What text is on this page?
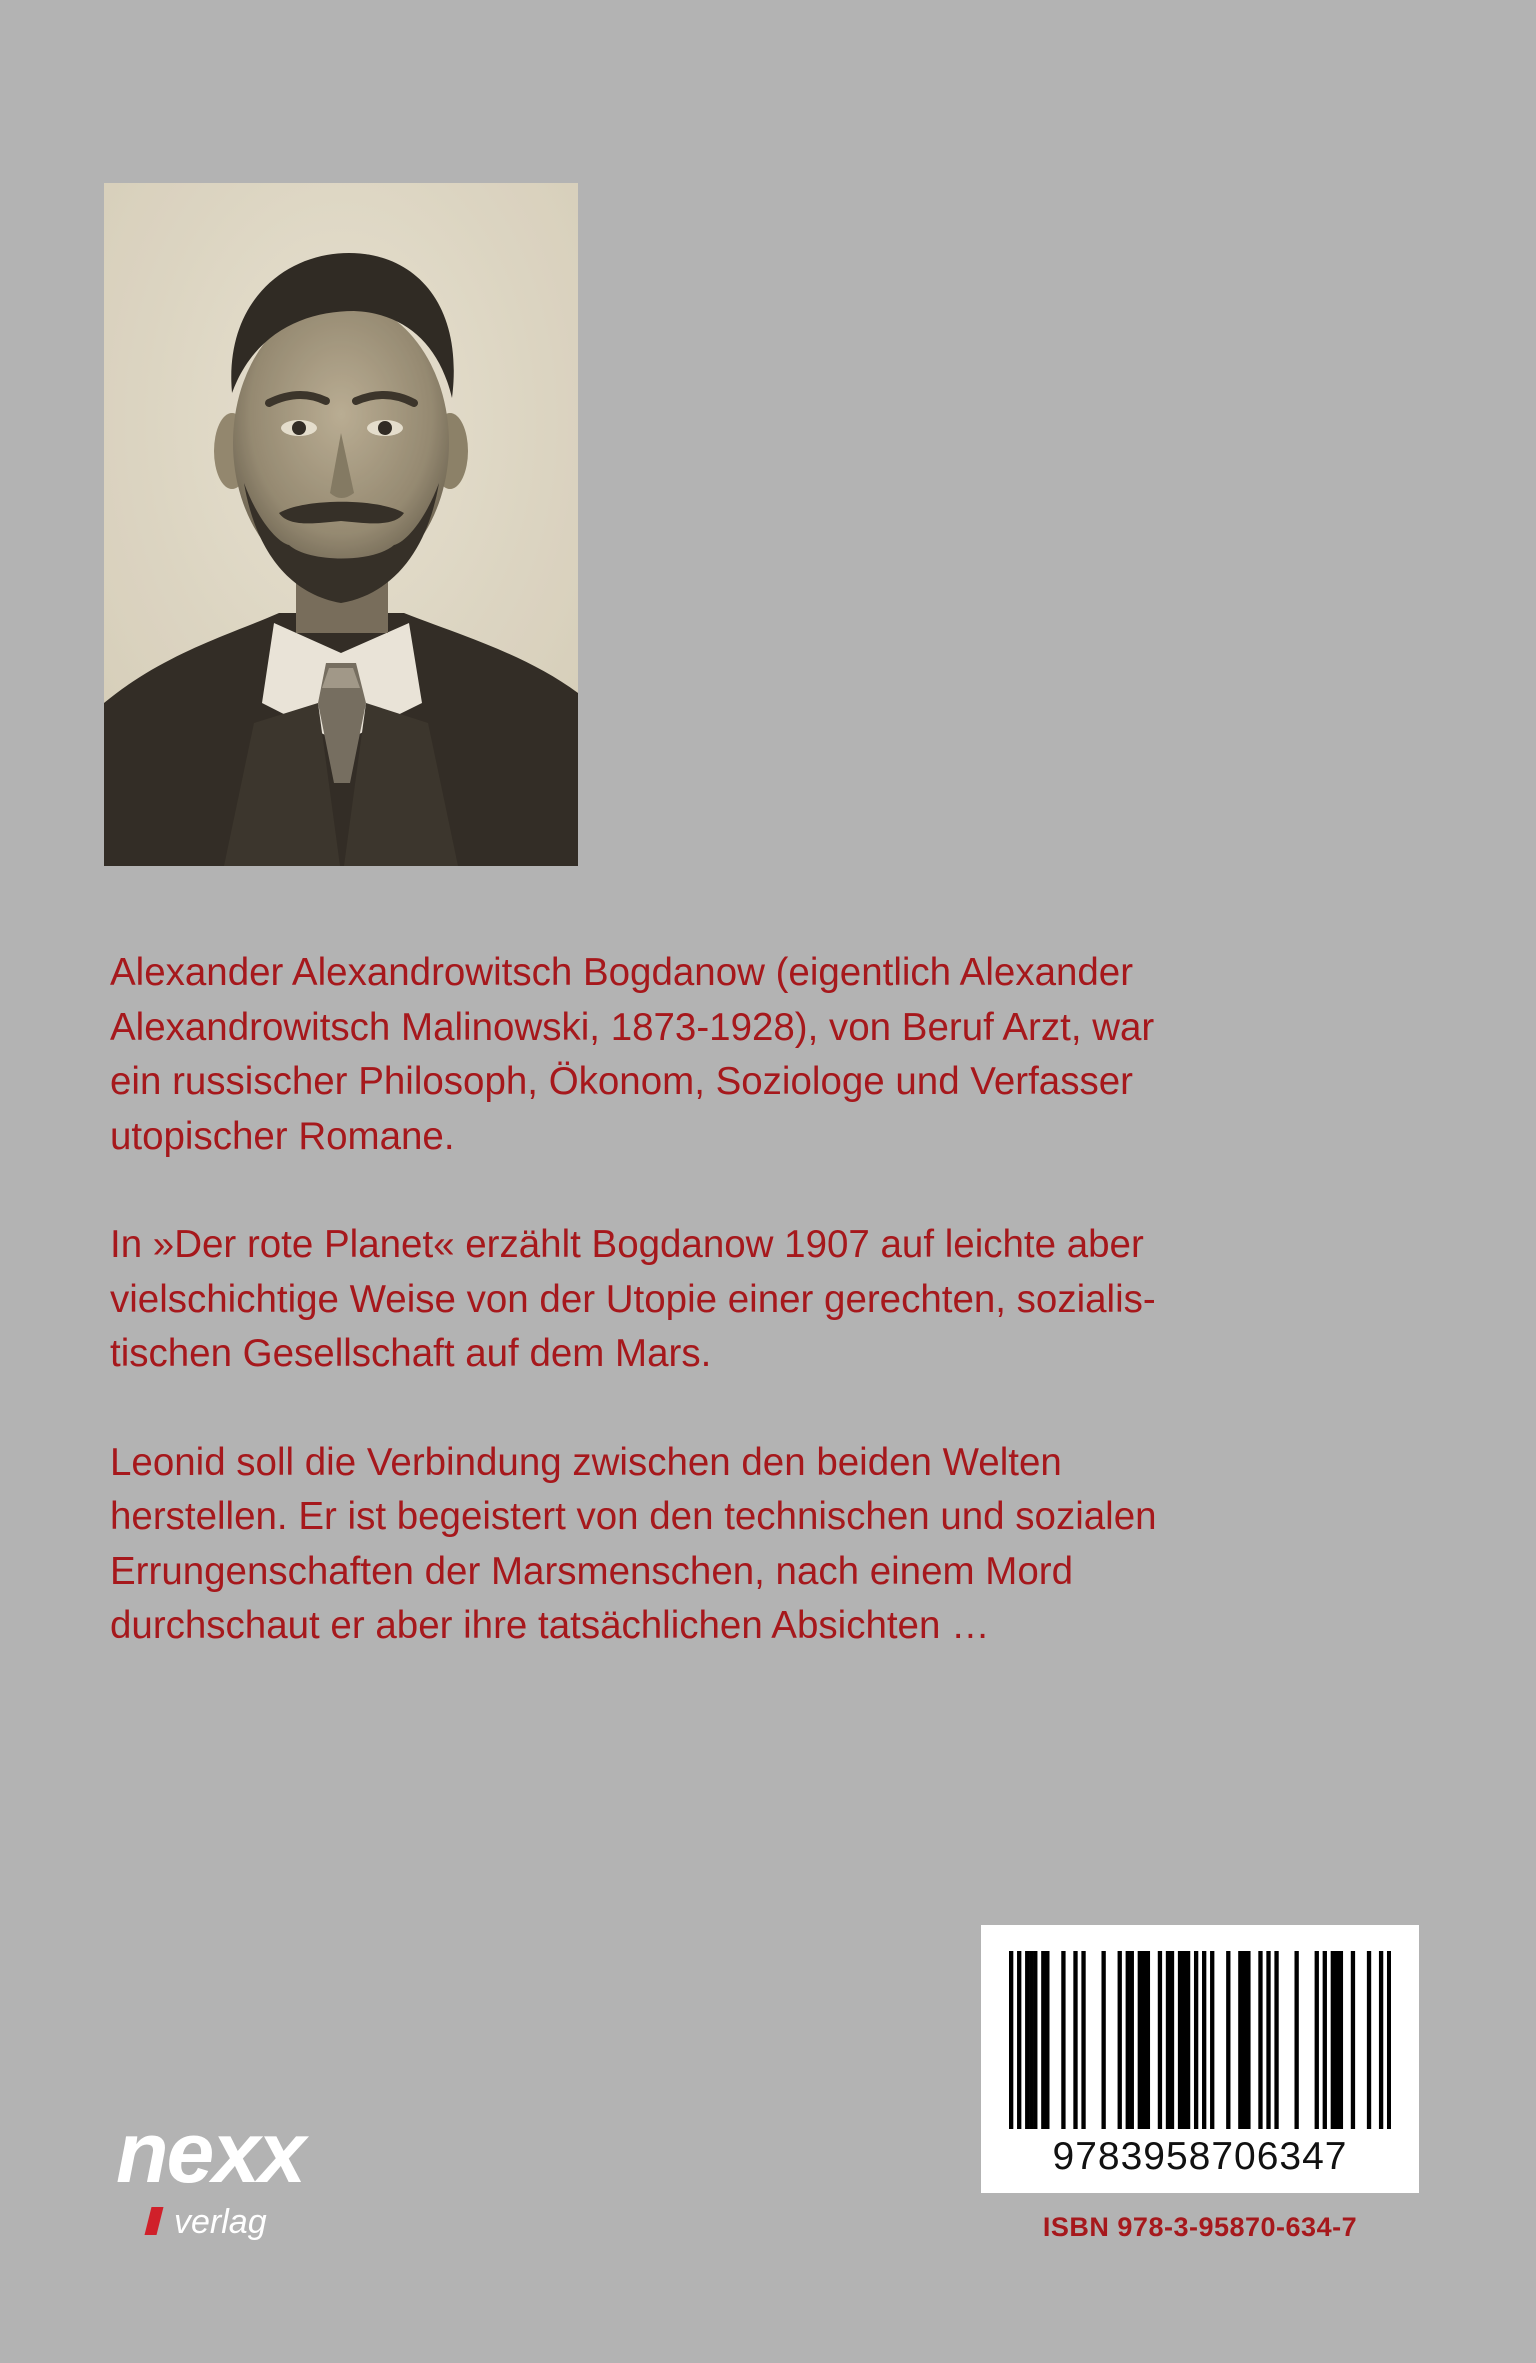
Alexander Alexandrowitsch Bogdanow (eigentlich Alexander
Alexandrowitsch Malinowski, 1873-1928), von Beruf Arzt, war
ein russischer Philosoph, Ökonom, Soziologe und Verfasser
utopischer Romane.

In »Der rote Planet« erzählt Bogdanow 1907 auf leichte aber
vielschichtige Weise von der Utopie einer gerechten, sozialis-
tischen Gesellschaft auf dem Mars.

Leonid soll die Verbindung zwischen den beiden Welten
herstellen. Er ist begeistert von den technischen und sozialen
Errungenschaften der Marsmenschen, nach einem Mord
durchschaut er aber ihre tatsächlichen Absichten …

nexx
verlag
9783958706347
ISBN 978-3-95870-634-7
